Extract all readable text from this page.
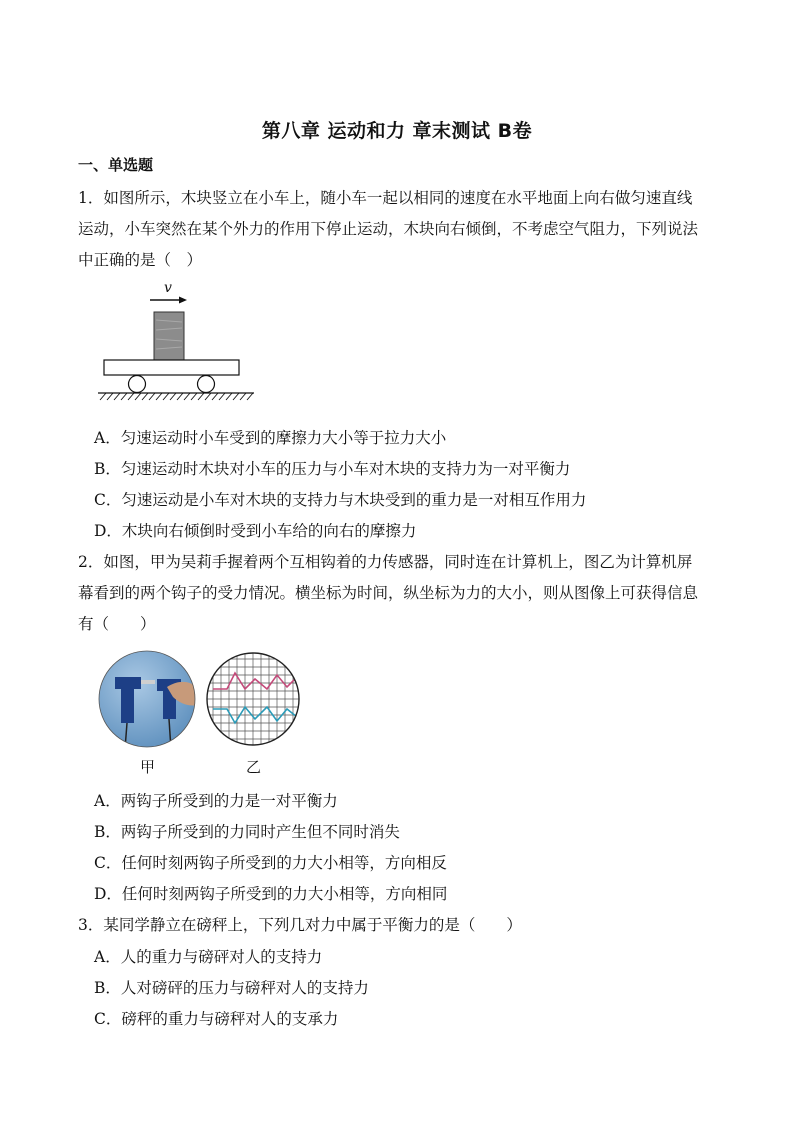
第八章 运动和力 章末测试 B卷
一、单选题
1．如图所示，木块竖立在小车上，随小车一起以相同的速度在水平地面上向右做匀速直线
运动，小车突然在某个外力的作用下停止运动，木块向右倾倒，不考虑空气阻力，下列说法
中正确的是（　）
v
A．匀速运动时小车受到的摩擦力大小等于拉力大小
B．匀速运动时木块对小车的压力与小车对木块的支持力为一对平衡力
C．匀速运动是小车对木块的支持力与木块受到的重力是一对相互作用力
D．木块向右倾倒时受到小车给的向右的摩擦力
2．如图，甲为吴莉手握着两个互相钩着的力传感器，同时连在计算机上，图乙为计算机屏
幕看到的两个钩子的受力情况。横坐标为时间，纵坐标为力的大小，则从图像上可获得信息
有（　　）
甲	乙
A．两钩子所受到的力是一对平衡力
B．两钩子所受到的力同时产生但不同时消失
C．任何时刻两钩子所受到的力大小相等，方向相反
D．任何时刻两钩子所受到的力大小相等，方向相同
3．某同学静立在磅秤上，下列几对力中属于平衡力的是（　　）
A．人的重力与磅砰对人的支持力
B．人对磅砰的压力与磅秤对人的支持力
C．磅秤的重力与磅秤对人的支承力
